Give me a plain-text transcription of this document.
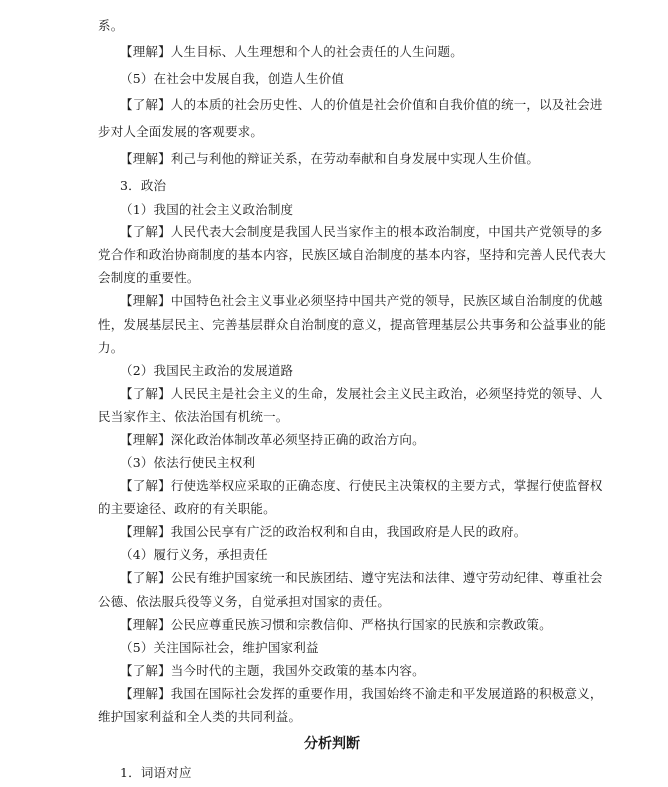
系。
【理解】人生目标、人生理想和个人的社会责任的人生问题。
（5）在社会中发展自我，创造人生价值
【了解】人的本质的社会历史性、人的价值是社会价值和自我价值的统一，以及社会进
步对人全面发展的客观要求。
【理解】利己与利他的辩证关系，在劳动奉献和自身发展中实现人生价值。
3．政治
（1）我国的社会主义政治制度
【了解】人民代表大会制度是我国人民当家作主的根本政治制度，中国共产党领导的多
党合作和政治协商制度的基本内容，民族区域自治制度的基本内容，坚持和完善人民代表大
会制度的重要性。
【理解】中国特色社会主义事业必须坚持中国共产党的领导，民族区域自治制度的优越
性，发展基层民主、完善基层群众自治制度的意义，提高管理基层公共事务和公益事业的能
力。
（2）我国民主政治的发展道路
【了解】人民民主是社会主义的生命，发展社会主义民主政治，必须坚持党的领导、人
民当家作主、依法治国有机统一。
【理解】深化政治体制改革必须坚持正确的政治方向。
（3）依法行使民主权利
【了解】行使选举权应采取的正确态度、行使民主决策权的主要方式，掌握行使监督权
的主要途径、政府的有关职能。
【理解】我国公民享有广泛的政治权利和自由，我国政府是人民的政府。
（4）履行义务，承担责任
【了解】公民有维护国家统一和民族团结、遵守宪法和法律、遵守劳动纪律、尊重社会
公德、依法服兵役等义务，自觉承担对国家的责任。
【理解】公民应尊重民族习惯和宗教信仰、严格执行国家的民族和宗教政策。
（5）关注国际社会，维护国家利益
【了解】当今时代的主题，我国外交政策的基本内容。
【理解】我国在国际社会发挥的重要作用，我国始终不渝走和平发展道路的积极意义，
维护国家利益和全人类的共同利益。
分析判断
1．词语对应
